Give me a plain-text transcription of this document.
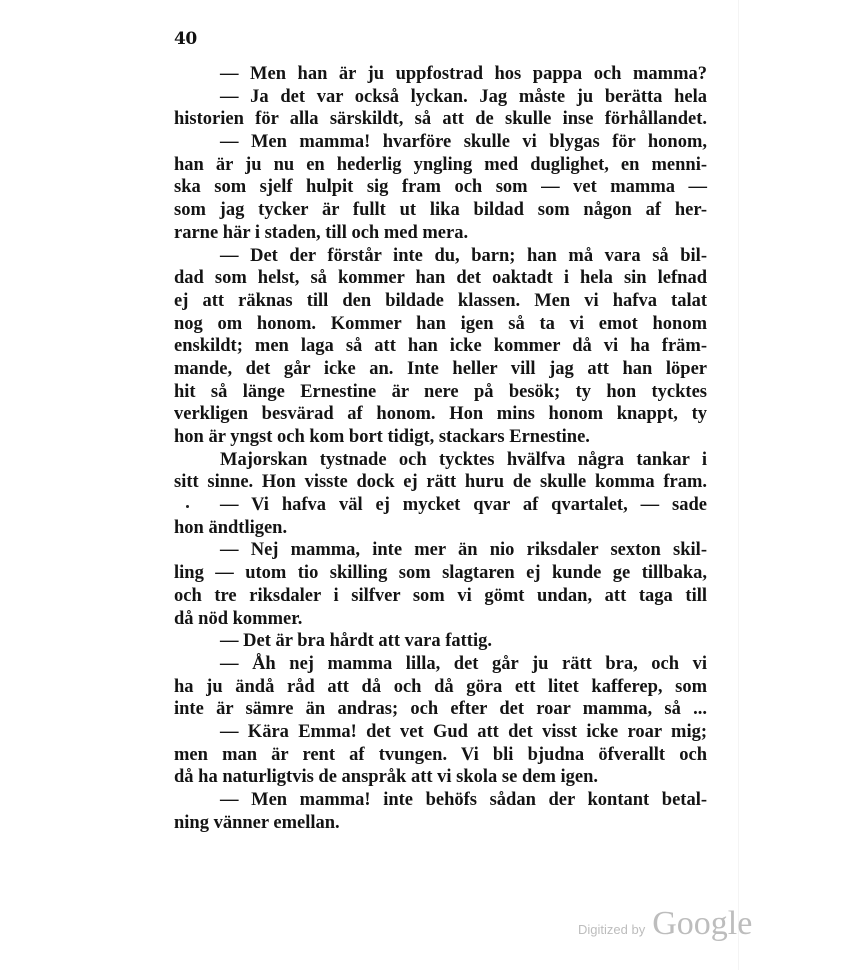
40
— Men han är ju uppfostrad hos pappa och mamma?
— Ja det var också lyckan. Jag måste ju berätta hela
historien för alla särskildt, så att de skulle inse förhållandet.
— Men mamma! hvarföre skulle vi blygas för honom,
han är ju nu en hederlig yngling med duglighet, en menni-
ska som sjelf hulpit sig fram och som — vet mamma —
som jag tycker är fullt ut lika bildad som någon af her-
rarne här i staden, till och med mera.
— Det der förstår inte du, barn; han må vara så bil-
dad som helst, så kommer han det oaktadt i hela sin lefnad
ej att räknas till den bildade klassen. Men vi hafva talat
nog om honom. Kommer han igen så ta vi emot honom
enskildt; men laga så att han icke kommer då vi ha främ-
mande, det går icke an. Inte heller vill jag att han löper
hit så länge Ernestine är nere på besök; ty hon tycktes
verkligen besvärad af honom. Hon mins honom knappt, ty
hon är yngst och kom bort tidigt, stackars Ernestine.
Majorskan tystnade och tycktes hvälfva några tankar i
sitt sinne. Hon visste dock ej rätt huru de skulle komma fram.
— Vi hafva väl ej mycket qvar af qvartalet, — sade
hon ändtligen.
— Nej mamma, inte mer än nio riksdaler sexton skil-
ling — utom tio skilling som slagtaren ej kunde ge tillbaka,
och tre riksdaler i silfver som vi gömt undan, att taga till
då nöd kommer.
— Det är bra hårdt att vara fattig.
— Åh nej mamma lilla, det går ju rätt bra, och vi
ha ju ändå råd att då och då göra ett litet kafferep, som
inte är sämre än andras; och efter det roar mamma, så ...
— Kära Emma! det vet Gud att det visst icke roar mig;
men man är rent af tvungen. Vi bli bjudna öfverallt och
då ha naturligtvis de anspråk att vi skola se dem igen.
— Men mamma! inte behöfs sådan der kontant betal-
ning vänner emellan.
Digitized by Google
